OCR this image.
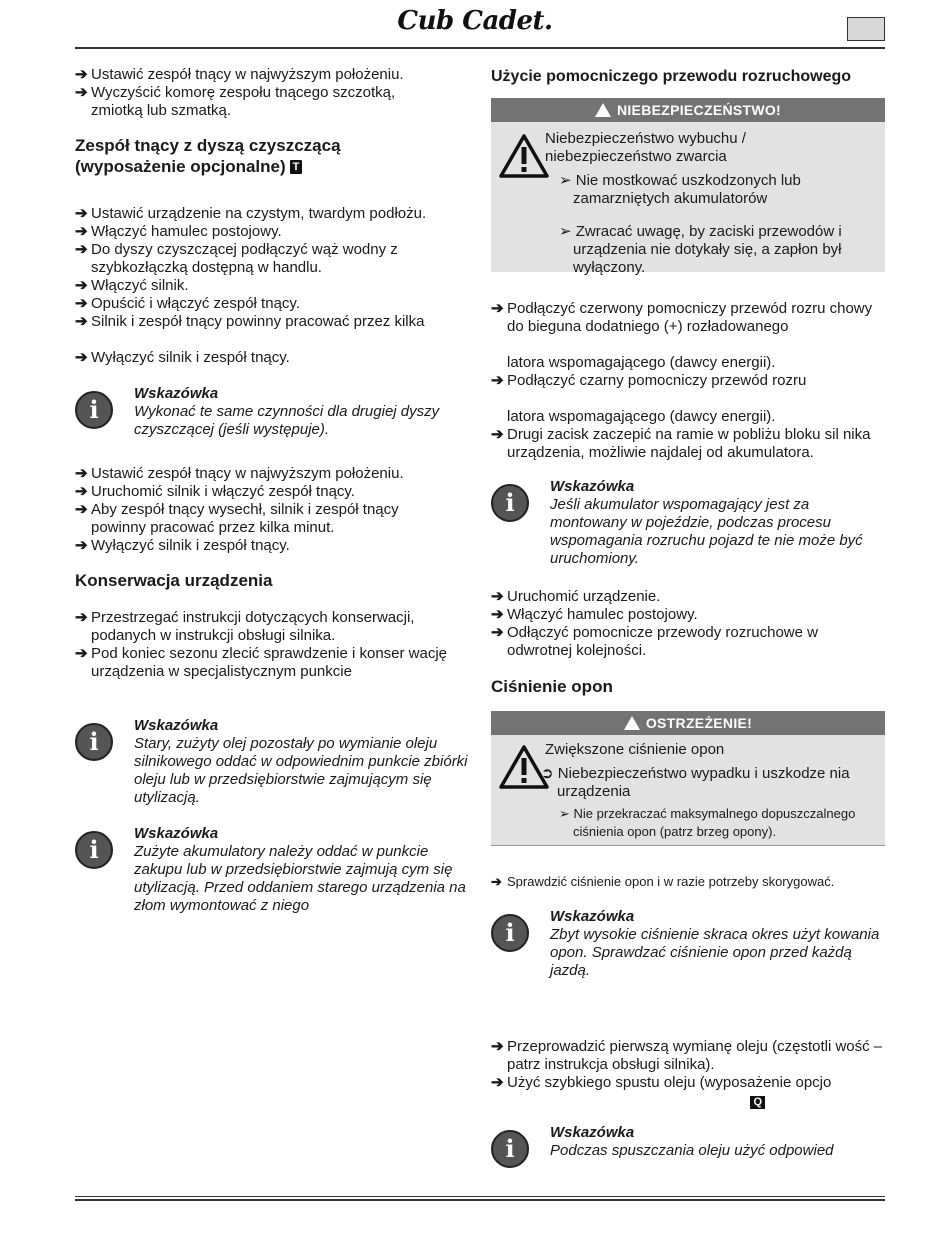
Cub Cadet.

➔ Ustawić zespół tnący w najwyższym położeniu.

➔ Wyczyścić komorę zespołu tnącego szczotką, zmiotką lub szmatką.

Zespół tnący z dyszą czyszczącą (wyposażenie opcjonalne) T

➔ Ustawić urządzenie na czystym, twardym podłożu.

➔ Włączyć hamulec postojowy.

➔ Do dyszy czyszczącej podłączyć wąż wodny z szybkozłączką dostępną w handlu.

➔ Włączyć silnik.

➔ Opuścić i włączyć zespół tnący.

➔ Silnik i zespół tnący powinny pracować przez kilka

➔ Wyłączyć silnik i zespół tnący.

i
Wskazówka
Wykonać te same czynności dla drugiej dyszy czyszczącej (jeśli występuje).

➔ Ustawić zespół tnący w najwyższym położeniu.

➔ Uruchomić silnik i włączyć zespół tnący.

➔ Aby zespół tnący wysechł, silnik i zespół tnący powinny pracować przez kilka minut.

➔ Wyłączyć silnik i zespół tnący.

Konserwacja urządzenia

➔ Przestrzegać instrukcji dotyczących konserwacji, podanych w instrukcji obsługi silnika.

➔ Pod koniec sezonu zlecić sprawdzenie i konser wację urządzenia w specjalistycznym punkcie

i
Wskazówka
Stary, zużyty olej pozostały po wymianie oleju silnikowego oddać w odpowiednim punkcie zbiórki oleju lub w przedsiębiorstwie zajmującym się utylizacją.
i
Wskazówka
Zużyte akumulatory należy oddać w punkcie zakupu lub w przedsiębiorstwie zajmują cym się utylizacją. Przed oddaniem starego urządzenia na złom wymontować z niego
Użycie pomocniczego przewodu rozruchowego
NIEBEZPIECZEŃSTWO!
Niebezpieczeństwo wybuchu / niebezpieczeństwo zwarcia
➢ Nie mostkować uszkodzonych lub zamarzniętych akumulatorów
➢ Zwracać uwagę, by zaciski przewodów i urządzenia nie dotykały się, a zapłon był wyłączony.

➔ Podłączyć czerwony pomocniczy przewód rozru chowy do bieguna dodatniego (+) rozładowanego

latora wspomagającego (dawcy energii).

➔ Podłączyć czarny pomocniczy przewód rozru

latora wspomagającego (dawcy energii).

➔ Drugi zacisk zaczepić na ramie w pobliżu bloku sil nika urządzenia, możliwie najdalej od akumulatora.

i
Wskazówka
Jeśli akumulator wspomagający jest za montowany w pojeździe, podczas procesu wspomagania rozruchu pojazd te nie może być uruchomiony.

➔ Uruchomić urządzenie.

➔ Włączyć hamulec postojowy.

➔ Odłączyć pomocnicze przewody rozruchowe w odwrotnej kolejności.

Ciśnienie opon
OSTRZEŻENIE!
Zwiększone ciśnienie opon
➲ Niebezpieczeństwo wypadku i uszkodze nia urządzenia
➢ Nie przekraczać maksymalnego dopuszczalnego ciśnienia opon (patrz brzeg opony).

➔ Sprawdzić ciśnienie opon i w razie potrzeby skorygować.

i
Wskazówka
Zbyt wysokie ciśnienie skraca okres użyt kowania opon. Sprawdzać ciśnienie opon przed każdą jazdą.

➔ Przeprowadzić pierwszą wymianę oleju (częstotli wość – patrz instrukcja obsługi silnika).

➔ Użyć szybkiego spustu oleju (wyposażenie opcjo

Q

i
Wskazówka
Podczas spuszczania oleju użyć odpowied
